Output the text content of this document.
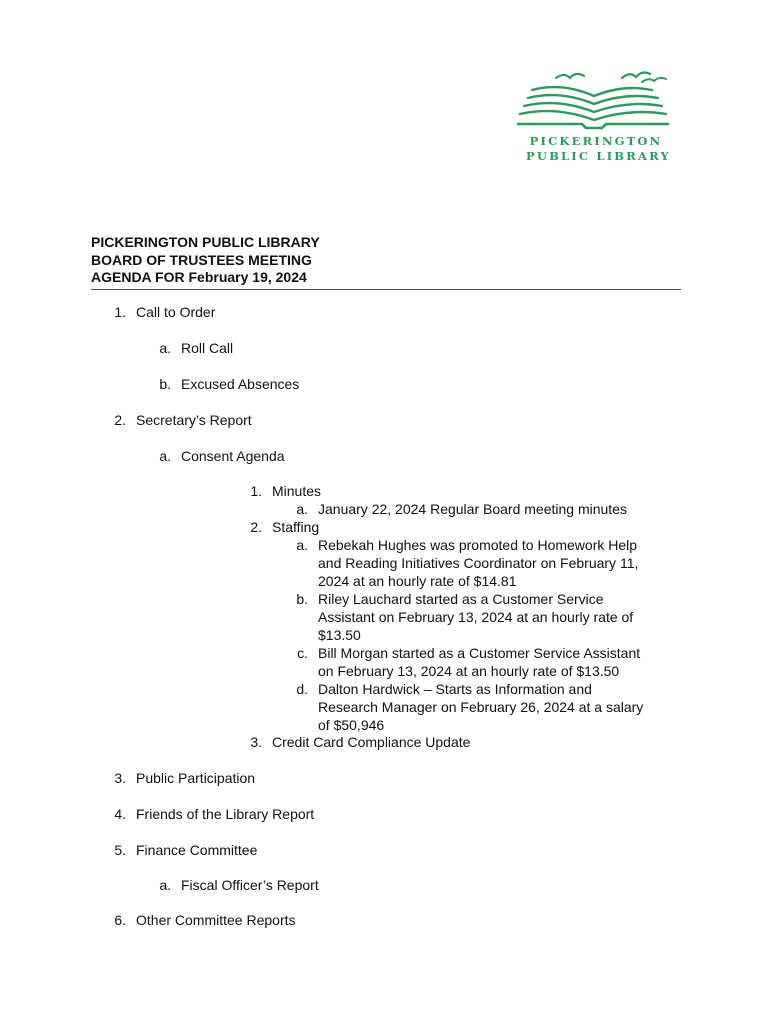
PICKERINGTON
PUBLIC LIBRARY
PICKERINGTON PUBLIC LIBRARY
BOARD OF TRUSTEES MEETING
AGENDA FOR February 19, 2024
1. Call to Order
a. Roll Call
b. Excused Absences
2. Secretary’s Report
a. Consent Agenda
1. Minutes
a. January 22, 2024 Regular Board meeting minutes
2. Staffing
a. Rebekah Hughes was promoted to Homework Help
and Reading Initiatives Coordinator on February 11,
2024 at an hourly rate of $14.81
b. Riley Lauchard started as a Customer Service
Assistant on February 13, 2024 at an hourly rate of
$13.50
c. Bill Morgan started as a Customer Service Assistant
on February 13, 2024 at an hourly rate of $13.50
d. Dalton Hardwick – Starts as Information and
Research Manager on February 26, 2024 at a salary
of $50,946
3. Credit Card Compliance Update
3. Public Participation
4. Friends of the Library Report
5. Finance Committee
a. Fiscal Officer’s Report
6. Other Committee Reports
